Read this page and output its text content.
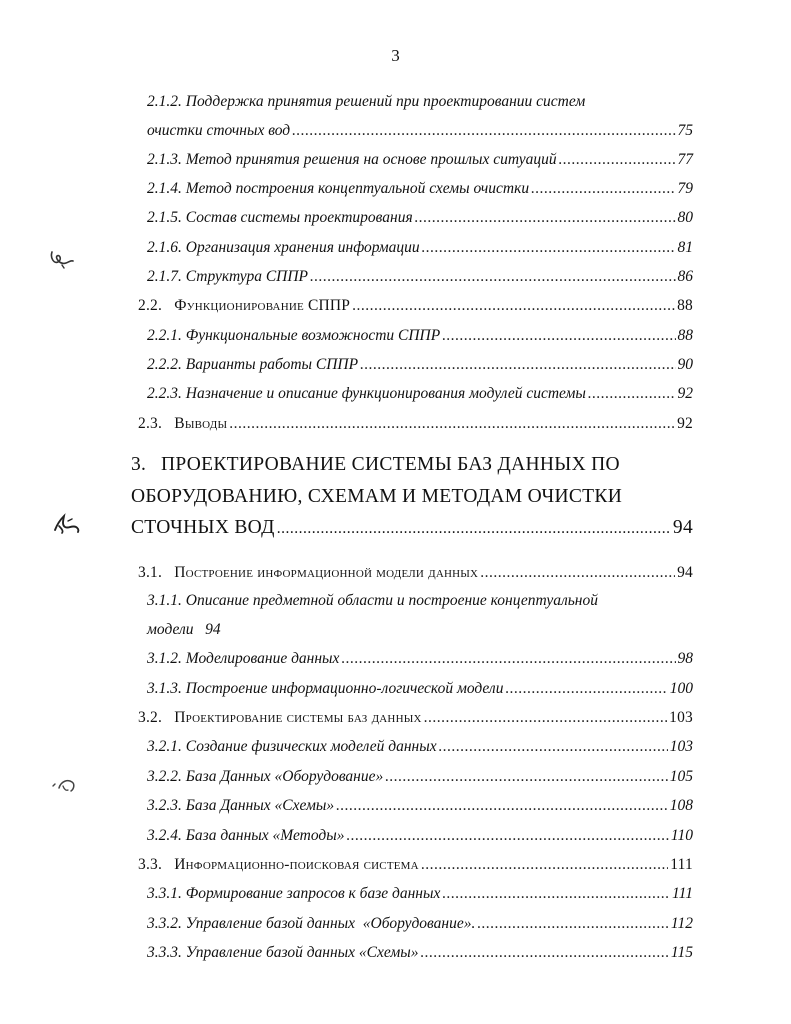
3
2.1.2. Поддержка принятия решений при проектировании систем
очистки сточных вод .....	75
2.1.3. Метод принятия решения на основе прошлых ситуаций .....	77
2.1.4. Метод построения концептуальной схемы очистки .....	79
2.1.5. Состав системы проектирования .....	80
2.1.6. Организация хранения информации .....	81
2.1.7. Структура СППР .....	86
2.2.   Функционирование СППР .....	88
2.2.1. Функциональные возможности СППР .....	88
2.2.2. Варианты работы СППР .....	90
2.2.3. Назначение и описание функционирования модулей системы .....	92
2.3.   Выводы .....	92
3. ПРОЕКТИРОВАНИЕ СИСТЕМЫ БАЗ ДАННЫХ ПО
ОБОРУДОВАНИЮ, СХЕМАМ И МЕТОДАМ ОЧИСТКИ
СТОЧНЫХ ВОД .....	94
3.1.   Построение информационной модели данных .....	94
3.1.1. Описание предметной области и построение концептуальной
модели   94
3.1.2. Моделирование данных .....	98
3.1.3. Построение информационно-логической модели .....	100
3.2.   Проектирование системы баз данных .....	103
3.2.1. Создание физических моделей данных .....	103
3.2.2. База Данных «Оборудование» .....	105
3.2.3. База Данных «Схемы» .....	108
3.2.4. База данных «Методы» .....	110
3.3.   Информационно-поисковая система .....	111
3.3.1. Формирование запросов к базе данных .....	111
3.3.2. Управление базой данных  «Оборудование». .....	112
3.3.3. Управление базой данных «Схемы» .....	115
